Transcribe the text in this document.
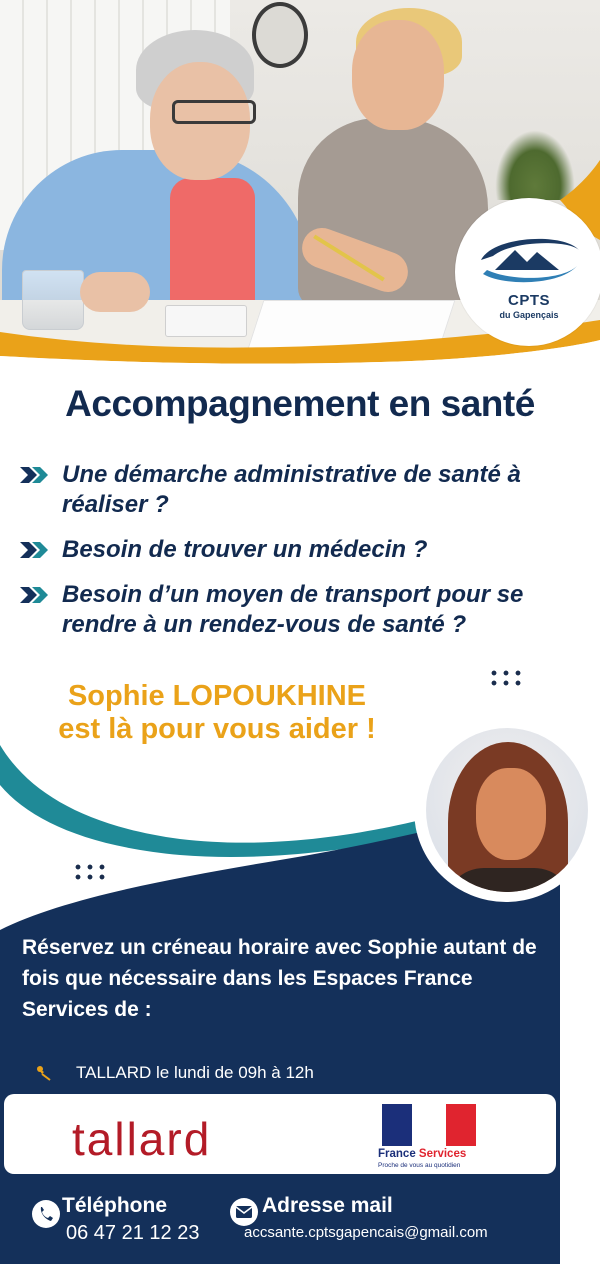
CPTS
du Gapençais
Accompagnement en santé
Une démarche administrative de santé à réaliser ?
Besoin de trouver un médecin ?
Besoin d’un moyen de transport pour se rendre à un rendez-vous de santé ?
Sophie LOPOUKHINE
est là pour vous aider !
Réservez un créneau horaire avec Sophie autant de fois que nécessaire dans les Espaces France Services de :
TALLARD le lundi de 09h à 12h
tallard	France Services
Proche de vous au quotidien
Téléphone
06 47 21 12 23
Adresse mail
accsante.cptsgapencais@gmail.com
